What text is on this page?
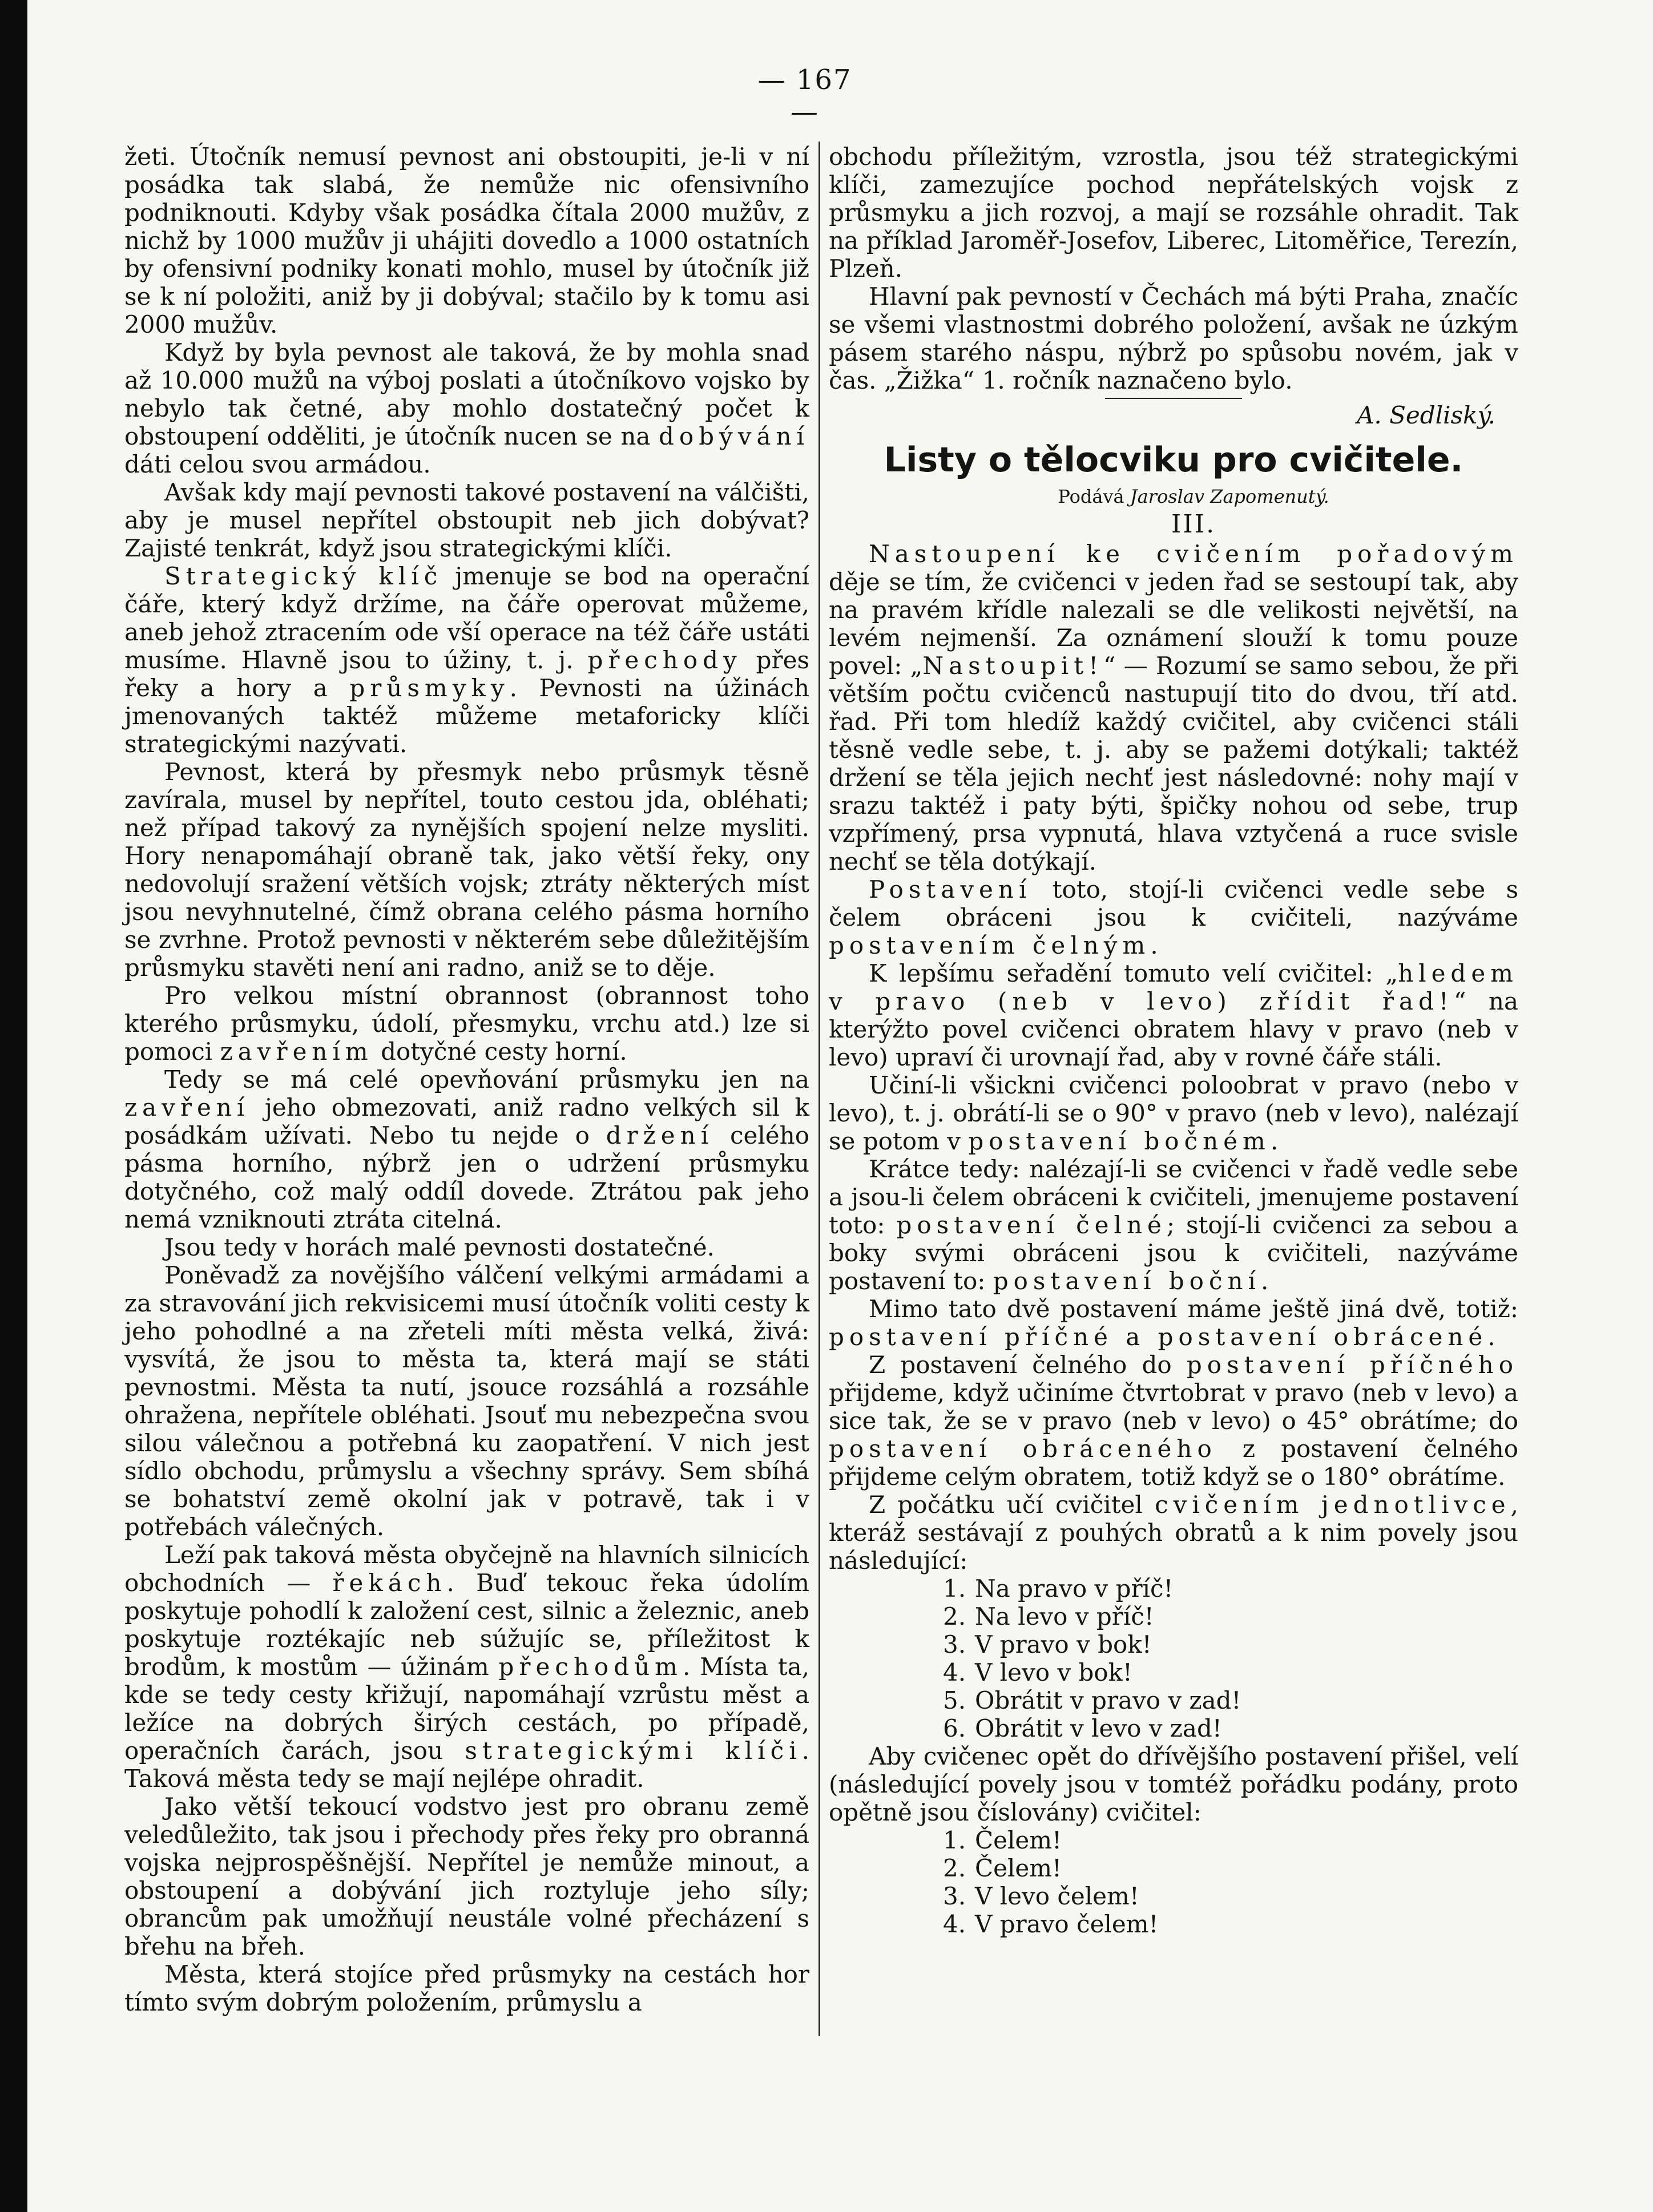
— 167 —

žeti. Útočník nemusí pevnost ani obstoupiti, je-li v ní posádka tak slabá, že nemůže nic ofensivního podniknouti. Kdyby však posádka čítala 2000 mužův, z nichž by 1000 mužův ji uhájiti dovedlo a 1000 ostatních by ofensivní podniky konati mohlo, musel by útočník již se k ní položiti, aniž by ji dobýval; stačilo by k tomu asi 2000 mužův.

Když by byla pevnost ale taková, že by mohla snad až 10.000 mužů na výboj poslati a útočníkovo vojsko by nebylo tak četné, aby mohlo dostatečný počet k obstoupení odděliti, je útočník nucen se na dobývání dáti celou svou armádou.

Avšak kdy mají pevnosti takové postavení na válčišti, aby je musel nepřítel obstoupit neb jich dobývat? Zajisté tenkrát, když jsou strategickými klíči.

Strategický klíč jmenuje se bod na operační čáře, který když držíme, na čáře operovat můžeme, aneb jehož ztracením ode vší operace na též čáře ustáti musíme. Hlavně jsou to úžiny, t. j. přechody přes řeky a hory a průsmyky. Pevnosti na úžinách jmenovaných taktéž můžeme metaforicky klíči strategickými nazývati.

Pevnost, která by přesmyk nebo průsmyk těsně zavírala, musel by nepřítel, touto cestou jda, obléhati; než případ takový za nynějších spojení nelze mysliti. Hory nenapomáhají obraně tak, jako větší řeky, ony nedovolují sražení větších vojsk; ztráty některých míst jsou nevyhnutelné, čímž obrana celého pásma horního se zvrhne. Protož pevnosti v některém sebe důležitějším průsmyku stavěti není ani radno, aniž se to děje.

Pro velkou místní obrannost (obrannost toho kterého průsmyku, údolí, přesmyku, vrchu atd.) lze si pomoci zavřením dotyčné cesty horní.

Tedy se má celé opevňování průsmyku jen na zavření jeho obmezovati, aniž radno velkých sil k posádkám užívati. Nebo tu nejde o držení celého pásma horního, nýbrž jen o udržení průsmyku dotyčného, což malý oddíl dovede. Ztrátou pak jeho nemá vzniknouti ztráta citelná.

Jsou tedy v horách malé pevnosti dostatečné.

Poněvadž za novějšího válčení velkými armádami a za stravování jich rekvisicemi musí útočník voliti cesty k jeho pohodlné a na zřeteli míti města velká, živá: vysvítá, že jsou to města ta, která mají se státi pevnostmi. Města ta nutí, jsouce rozsáhlá a rozsáhle ohražena, nepřítele obléhati. Jsouť mu nebezpečna svou silou válečnou a potřebná ku zaopatření. V nich jest sídlo obchodu, průmyslu a všechny správy. Sem sbíhá se bohatství země okolní jak v potravě, tak i v potřebách válečných.

Leží pak taková města obyčejně na hlavních silnicích obchodních — řekách. Buď tekouc řeka údolím poskytuje pohodlí k založení cest, silnic a železnic, aneb poskytuje roztékajíc neb súžujíc se, příležitost k brodům, k mostům — úžinám přechodům. Místa ta, kde se tedy cesty křižují, napomáhají vzrůstu měst a ležíce na dobrých širých cestách, po případě, operačních čarách, jsou strategickými klíči. Taková města tedy se mají nejlépe ohradit.

Jako větší tekoucí vodstvo jest pro obranu země veledůležito, tak jsou i přechody přes řeky pro obranná vojska nejprospěšnější. Nepřítel je nemůže minout, a obstoupení a dobývání jich roztyluje jeho síly; obrancům pak umožňují neustále volné přecházení s břehu na břeh.

Města, která stojíce před průsmyky na cestách hor tímto svým dobrým položením, průmyslu a

obchodu příležitým, vzrostla, jsou též strategickými klíči, zamezujíce pochod nepřátelských vojsk z průsmyku a jich rozvoj, a mají se rozsáhle ohradit. Tak na příklad Jaroměř-Josefov, Liberec, Litoměřice, Terezín, Plzeň.

Hlavní pak pevností v Čechách má býti Praha, značíc se všemi vlastnostmi dobrého položení, avšak ne úzkým pásem starého náspu, nýbrž po spůsobu novém, jak v čas. „Žižka“ 1. ročník naznačeno bylo.

A. Sedliský.

Listy o tělocviku pro cvičitele.

Podává Jaroslav Zapomenutý.

III.

Nastoupení ke cvičením pořadovým děje se tím, že cvičenci v jeden řad se sestoupí tak, aby na pravém křídle nalezali se dle velikosti největší, na levém nejmenší. Za oznámení slouží k tomu pouze povel: „Nastoupit!“ — Rozumí se samo sebou, že při větším počtu cvičenců nastupují tito do dvou, tří atd. řad. Při tom hledíž každý cvičitel, aby cvičenci stáli těsně vedle sebe, t. j. aby se pažemi dotýkali; taktéž držení se těla jejich nechť jest následovné: nohy mají v srazu taktéž i paty býti, špičky nohou od sebe, trup vzpřímený, prsa vypnutá, hlava vztyčená a ruce svisle nechť se těla dotýkají.

Postavení toto, stojí-li cvičenci vedle sebe s čelem obráceni jsou k cvičiteli, nazýváme postavením čelným.

K lepšímu seřadění tomuto velí cvičitel: „hledem v pravo (neb v levo) zřídit řad!“ na kterýžto povel cvičenci obratem hlavy v pravo (neb v levo) upraví či urovnají řad, aby v rovné čáře stáli.

Učiní-li všickni cvičenci poloobrat v pravo (nebo v levo), t. j. obrátí-li se o 90° v pravo (neb v levo), nalézají se potom v postavení bočném.

Krátce tedy: nalézají-li se cvičenci v řadě vedle sebe a jsou-li čelem obráceni k cvičiteli, jmenujeme postavení toto: postavení čelné; stojí-li cvičenci za sebou a boky svými obráceni jsou k cvičiteli, nazýváme postavení to: postavení boční.

Mimo tato dvě postavení máme ještě jiná dvě, totiž: postavení příčné a postavení obrácené.

Z postavení čelného do postavení příčného přijdeme, když učiníme čtvrtobrat v pravo (neb v levo) a sice tak, že se v pravo (neb v levo) o 45° obrátíme; do postavení obráceného z postavení čelného přijdeme celým obratem, totiž když se o 180° obrátíme.

Z počátku učí cvičitel cvičením jednotlivce, kteráž sestávají z pouhých obratů a k nim povely jsou následující:

1. Na pravo v příč!
2. Na levo v příč!
3. V pravo v bok!
4. V levo v bok!
5. Obrátit v pravo v zad!
6. Obrátit v levo v zad!

Aby cvičenec opět do dřívějšího postavení přišel, velí (následující povely jsou v tomtéž pořádku podány, proto opětně jsou číslovány) cvičitel:

1. Čelem!
2. Čelem!
3. V levo čelem!
4. V pravo čelem!
